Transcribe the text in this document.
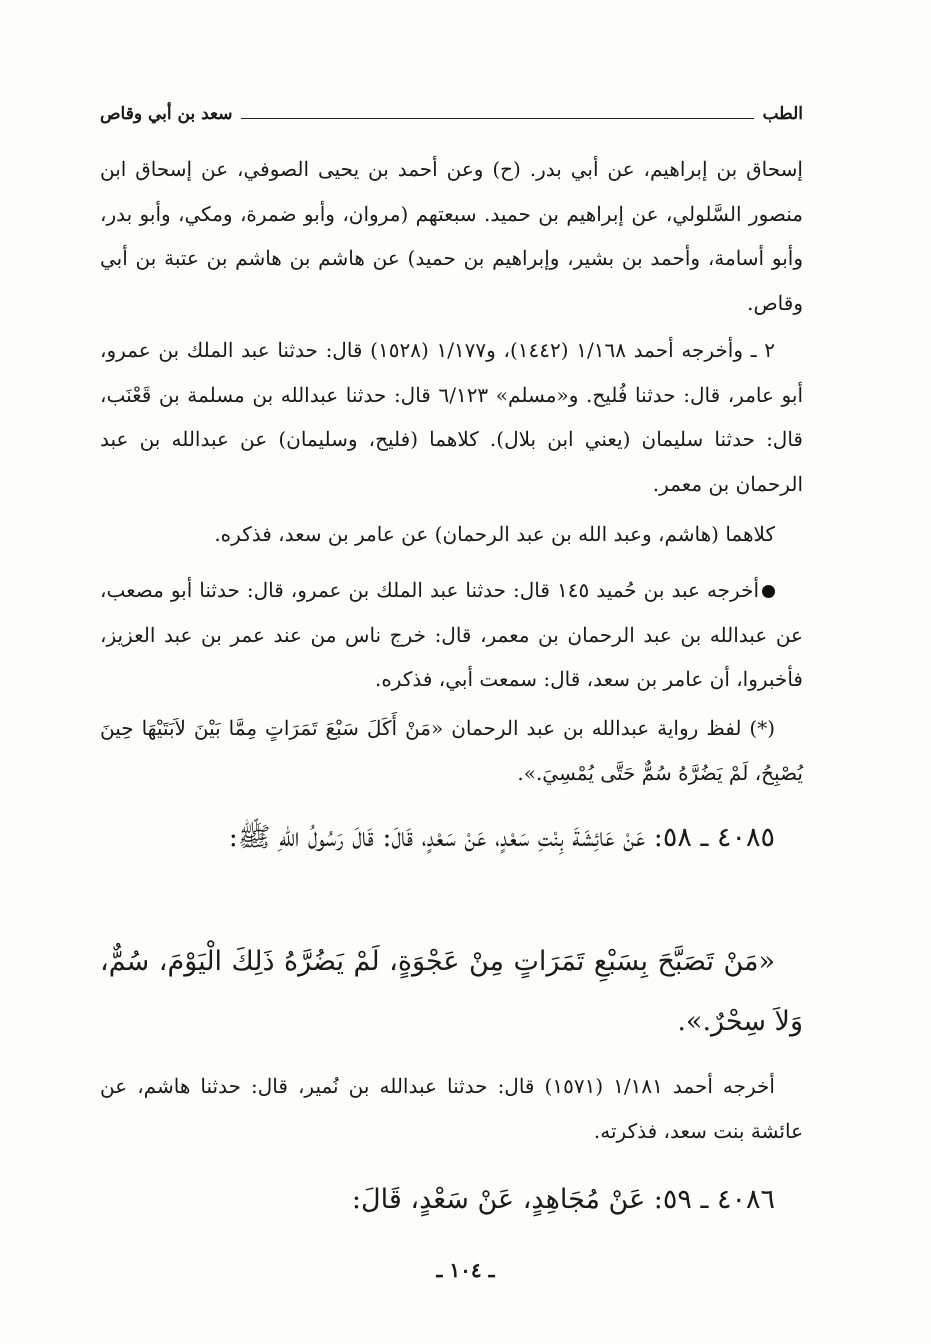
الطب
سعد بن أبي وقاص

إسحاق بن إبراهيم، عن أبي بدر. (ح) وعن أحمد بن يحيى الصوفي، عن إسحاق ابن منصور السَّلولي، عن إبراهيم بن حميد. سبعتهم (مروان، وأبو ضمرة، ومكي، وأبو بدر، وأبو أسامة، وأحمد بن بشير، وإبراهيم بن حميد) عن هاشم بن هاشم بن عتبة بن أبي وقاص.

٢ ـ وأخرجه أحمد ١/١٦٨ (١٤٤٢)، و١/١٧٧ (١٥٢٨) قال: حدثنا عبد الملك بن عمرو، أبو عامر، قال: حدثنا فُليح. و«مسلم» ٦/١٢٣ قال: حدثنا عبدالله بن مسلمة بن قَعْنَب، قال: حدثنا سليمان (يعني ابن بلال). كلاهما (فليح، وسليمان) عن عبدالله بن عبد الرحمان بن معمر.

كلاهما (هاشم، وعبد الله بن عبد الرحمان) عن عامر بن سعد، فذكره.

أخرجه عبد بن حُميد ١٤٥ قال: حدثنا عبد الملك بن عمرو، قال: حدثنا أبو مصعب، عن عبدالله بن عبد الرحمان بن معمر، قال: خرج ناس من عند عمر بن عبد العزيز، فأخبروا، أن عامر بن سعد، قال: سمعت أبي، فذكره.

(*) لفظ رواية عبدالله بن عبد الرحمان «مَنْ أَكَلَ سَبْعَ تَمَرَاتٍ مِمَّا بَيْنَ لاَبَتَيْهَا حِينَ يُصْبِحُ، لَمْ يَضُرَّهُ سُمٌّ حَتَّى يُمْسِيَ.».

٤٠٨٥ ـ ٥٨: عَنْ عَائِشَةَ بِنْتِ سَعْدٍ، عَنْ سَعْدٍ، قَالَ: قَالَ رَسُولُ اللّهِ ﷺ:

«مَنْ تَصَبَّحَ بِسَبْعِ تَمَرَاتٍ مِنْ عَجْوَةٍ، لَمْ يَضُرَّهُ ذَلِكَ الْيَوْمَ، سُمٌّ، وَلاَ سِحْرٌ.».

أخرجه أحمد ١/١٨١ (١٥٧١) قال: حدثنا عبدالله بن نُمير، قال: حدثنا هاشم، عن عائشة بنت سعد، فذكرته.

٤٠٨٦ ـ ٥٩: عَنْ مُجَاهِدٍ، عَنْ سَعْدٍ، قَالَ:

ـ ١٠٤ ـ
